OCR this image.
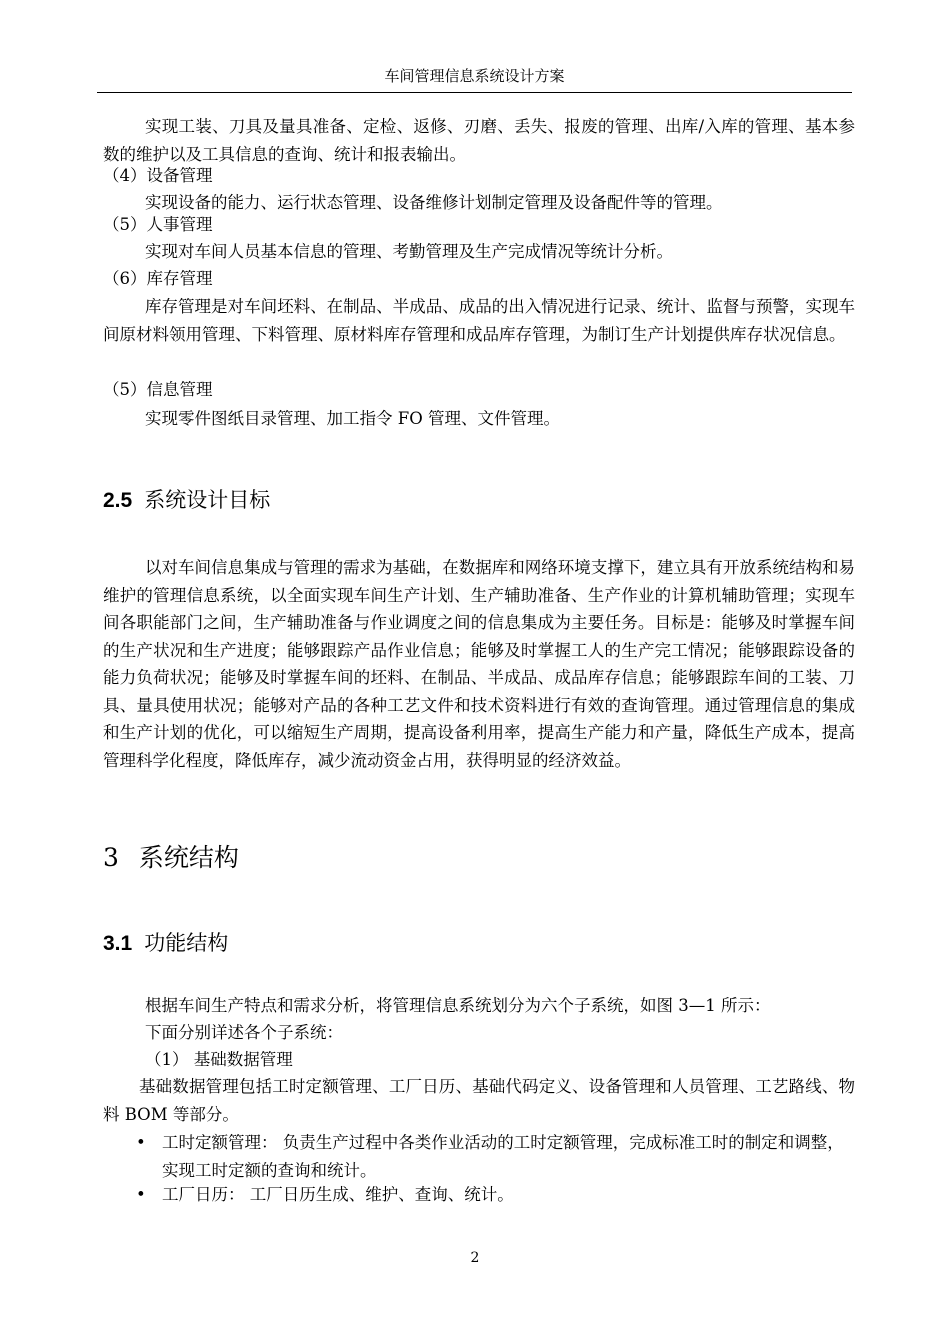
车间管理信息系统设计方案

实现工装、刀具及量具准备、定检、返修、刃磨、丢失、报废的管理、出库/入库的管理、基本参数的维护以及工具信息的查询、统计和报表输出。

（4）设备管理

实现设备的能力、运行状态管理、设备维修计划制定管理及设备配件等的管理。

（5）人事管理

实现对车间人员基本信息的管理、考勤管理及生产完成情况等统计分析。

（6）库存管理

库存管理是对车间坯料、在制品、半成品、成品的出入情况进行记录、统计、监督与预警，实现车间原材料领用管理、下料管理、原材料库存管理和成品库存管理，为制订生产计划提供库存状况信息。

（5）信息管理

实现零件图纸目录管理、加工指令 FO 管理、文件管理。

2.5 系统设计目标

以对车间信息集成与管理的需求为基础，在数据库和网络环境支撑下，建立具有开放系统结构和易维护的管理信息系统，以全面实现车间生产计划、生产辅助准备、生产作业的计算机辅助管理；实现车间各职能部门之间，生产辅助准备与作业调度之间的信息集成为主要任务。目标是：能够及时掌握车间的生产状况和生产进度；能够跟踪产品作业信息；能够及时掌握工人的生产完工情况；能够跟踪设备的能力负荷状况；能够及时掌握车间的坯料、在制品、半成品、成品库存信息；能够跟踪车间的工装、刀具、量具使用状况；能够对产品的各种工艺文件和技术资料进行有效的查询管理。通过管理信息的集成和生产计划的优化，可以缩短生产周期，提高设备利用率，提高生产能力和产量，降低生产成本，提高管理科学化程度，降低库存，减少流动资金占用，获得明显的经济效益。

3 系统结构
3.1 功能结构

根据车间生产特点和需求分析，将管理信息系统划分为六个子系统，如图 3—1 所示：

下面分别详述各个子系统：

（1） 基础数据管理

基础数据管理包括工时定额管理、工厂日历、基础代码定义、设备管理和人员管理、工艺路线、物料 BOM 等部分。

• 工时定额管理： 负责生产过程中各类作业活动的工时定额管理，完成标准工时的制定和调整，实现工时定额的查询和统计。
• 工厂日历： 工厂日历生成、维护、查询、统计。
2
